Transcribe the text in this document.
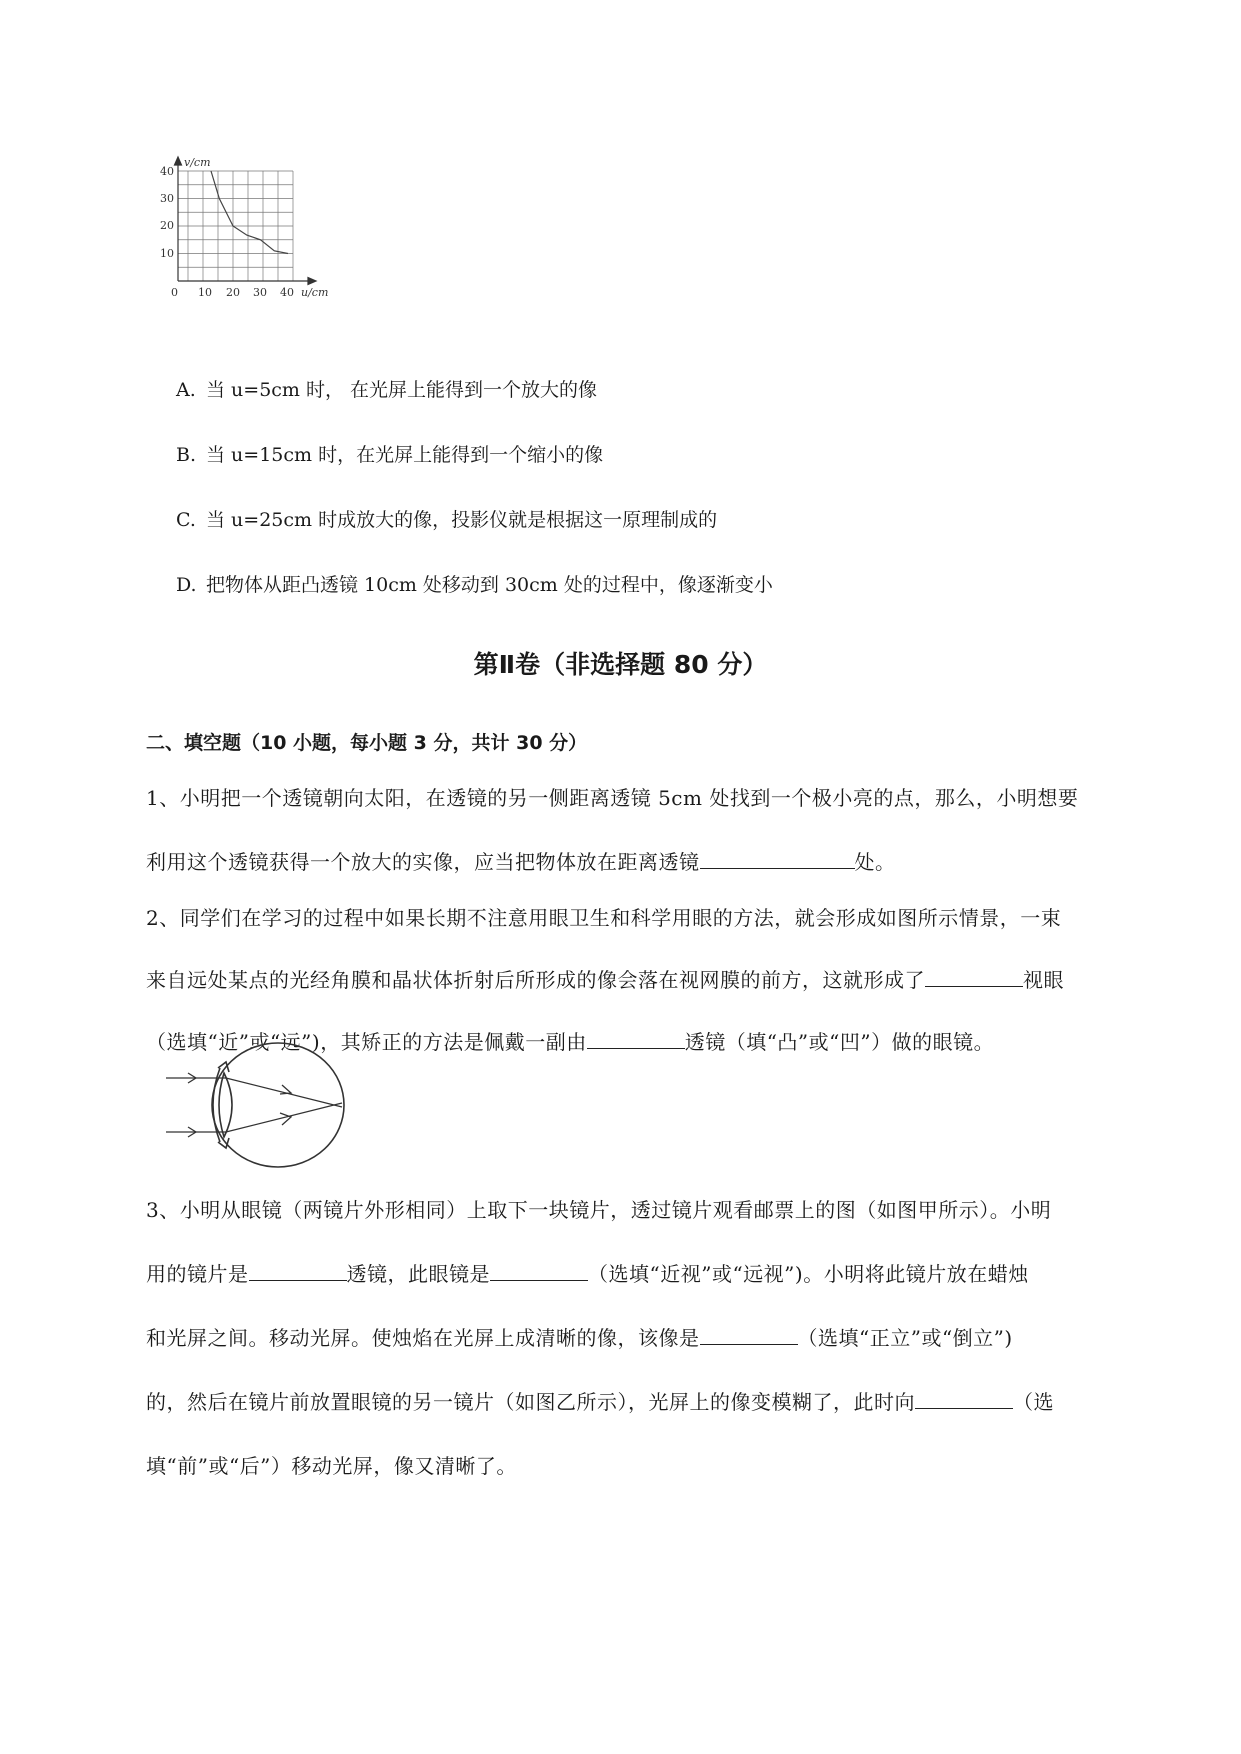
v/cm
u/cm
40
30
20
10
0 10 20 30 40
A. 当 u=5cm 时， 在光屏上能得到一个放大的像
B. 当 u=15cm 时，在光屏上能得到一个缩小的像
C. 当 u=25cm 时成放大的像，投影仪就是根据这一原理制成的
D. 把物体从距凸透镜 10cm 处移动到 30cm 处的过程中，像逐渐变小
第Ⅱ卷（非选择题 80 分）
二、填空题（10 小题，每小题 3 分，共计 30 分）
1、小明把一个透镜朝向太阳，在透镜的另一侧距离透镜 5cm 处找到一个极小亮的点，那么，小明想要
利用这个透镜获得一个放大的实像，应当把物体放在距离透镜	处。
2、同学们在学习的过程中如果长期不注意用眼卫生和科学用眼的方法，就会形成如图所示情景，一束
来自远处某点的光经角膜和晶状体折射后所形成的像会落在视网膜的前方，这就形成了	视眼
（选填“近”或“远”)，其矫正的方法是佩戴一副由	透镜（填“凸”或“凹”）做的眼镜。
3、小明从眼镜（两镜片外形相同）上取下一块镜片，透过镜片观看邮票上的图（如图甲所示）。小明
用的镜片是	透镜，此眼镜是	（选填“近视”或“远视”)。小明将此镜片放在蜡烛
和光屏之间。移动光屏。使烛焰在光屏上成清晰的像，该像是	（选填“正立”或“倒立”)
的，然后在镜片前放置眼镜的另一镜片（如图乙所示），光屏上的像变模糊了，此时向	（选
填“前”或“后”）移动光屏，像又清晰了。
